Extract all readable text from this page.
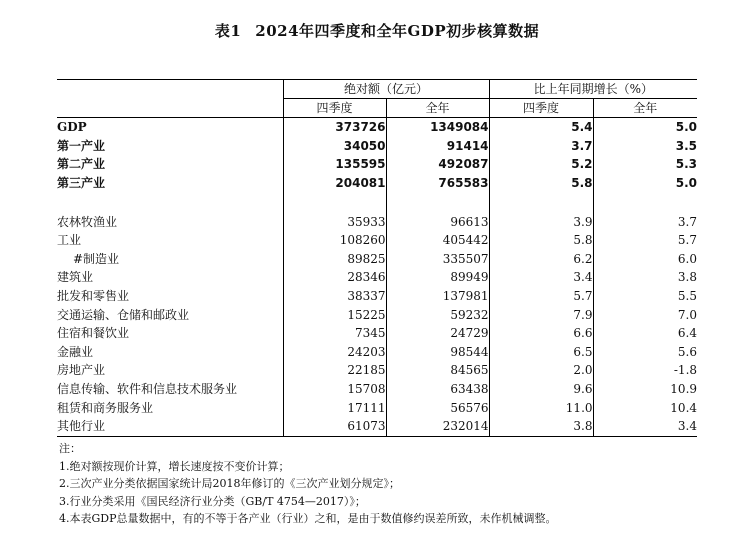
表1 2024年四季度和全年GDP初步核算数据
	绝对额（亿元）		比上年同期增长（%）	
	四季度	全年	四季度	全年
GDP	373726	1349084	5.4	5.0
第一产业	34050	91414	3.7	3.5
第二产业	135595	492087	5.2	5.3
第三产业	204081	765583	5.8	5.0

农林牧渔业	35933	96613	3.9	3.7
工业	108260	405442	5.8	5.7
#制造业	89825	335507	6.2	6.0
建筑业	28346	89949	3.4	3.8
批发和零售业	38337	137981	5.7	5.5
交通运输、仓储和邮政业	15225	59232	7.9	7.0
住宿和餐饮业	7345	24729	6.6	6.4
金融业	24203	98544	6.5	5.6
房地产业	22185	84565	2.0	-1.8
信息传输、软件和信息技术服务业	15708	63438	9.6	10.9
租赁和商务服务业	17111	56576	11.0	10.4
其他行业	61073	232014	3.8	3.4
注：
1.绝对额按现价计算，增长速度按不变价计算；
2.三次产业分类依据国家统计局2018年修订的《三次产业划分规定》；
3.行业分类采用《国民经济行业分类（GB/T 4754—2017）》；
4.本表GDP总量数据中，有的不等于各产业（行业）之和，是由于数值修约误差所致，未作机械调整。
